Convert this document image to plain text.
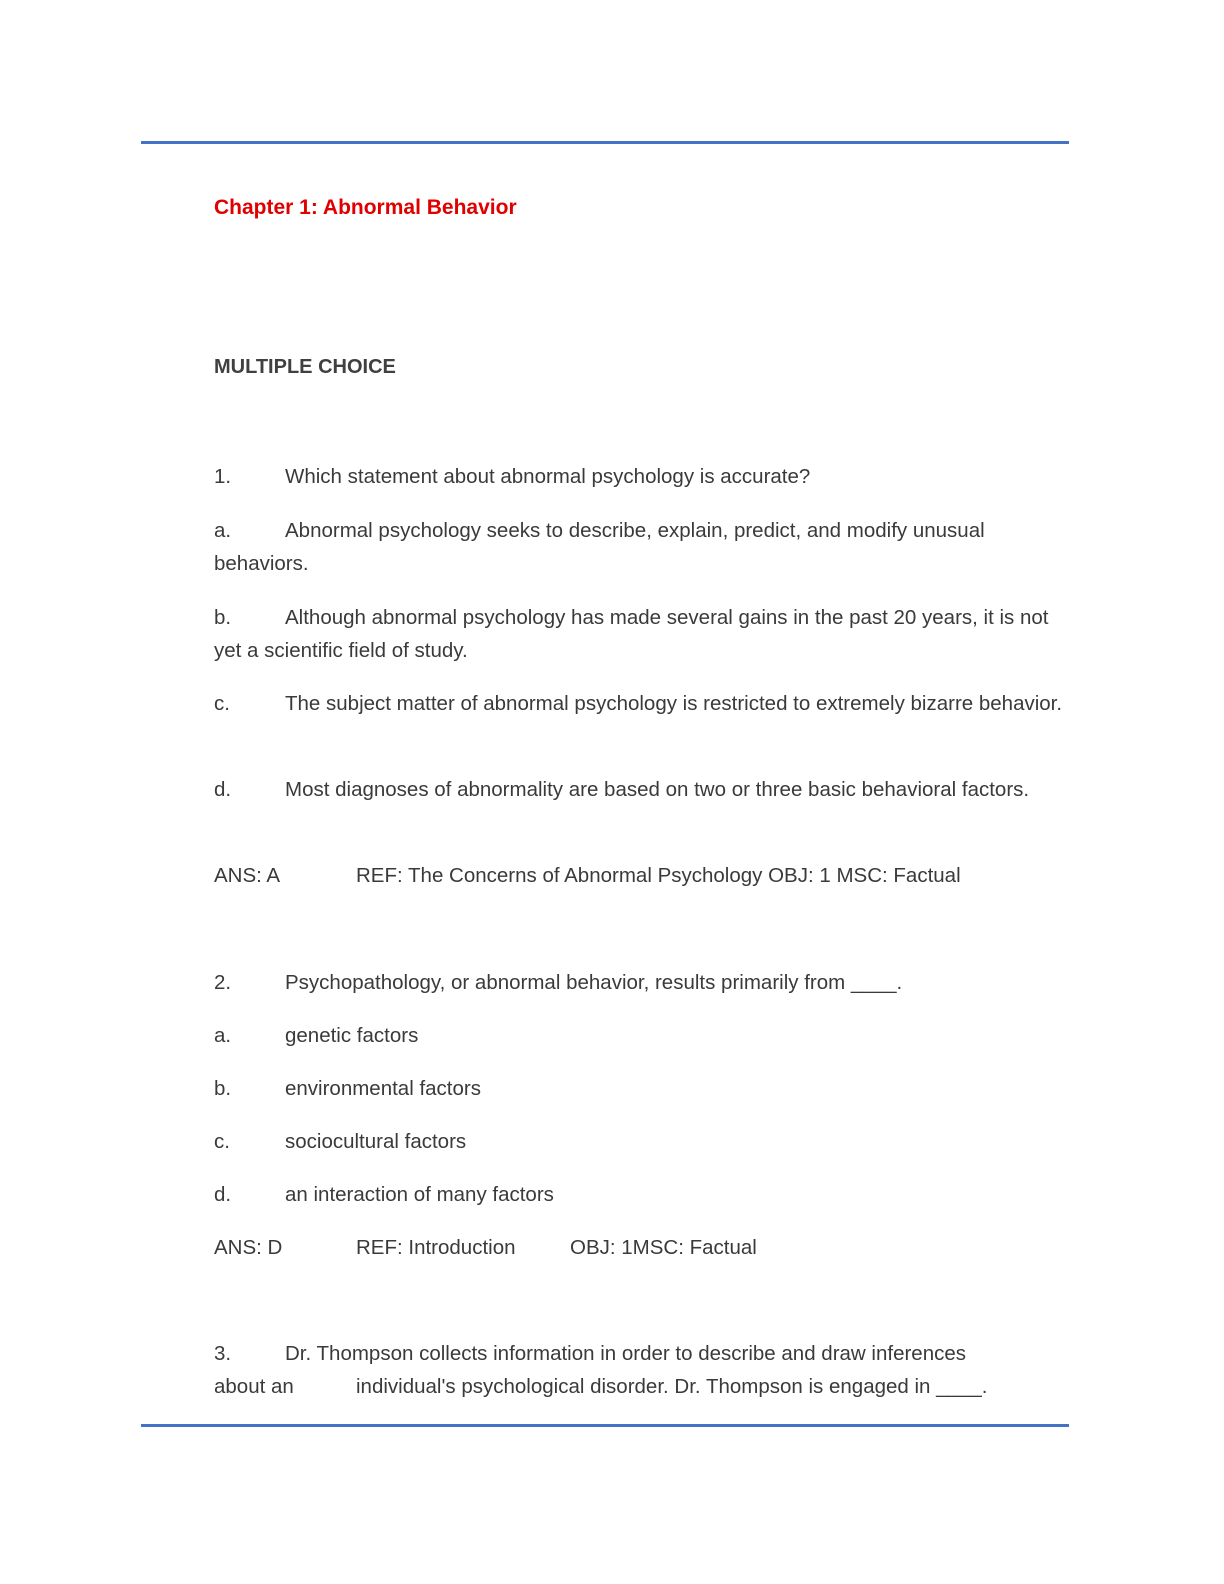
Chapter 1: Abnormal Behavior
MULTIPLE CHOICE
1.	Which statement about abnormal psychology is accurate?
a.	Abnormal psychology seeks to describe, explain, predict, and modify unusual behaviors.
b.	Although abnormal psychology has made several gains in the past 20 years, it is not yet a scientific field of study.
c.	The subject matter of abnormal psychology is restricted to extremely bizarre behavior.
d.	Most diagnoses of abnormality are based on two or three basic behavioral factors.
ANS: A	REF: The Concerns of Abnormal Psychology OBJ: 1 MSC: Factual
2.	Psychopathology, or abnormal behavior, results primarily from ____.
a.	genetic factors
b.	environmental factors
c.	sociocultural factors
d.	an interaction of many factors
ANS: D	REF: Introduction	OBJ: 1MSC: Factual
3.	Dr. Thompson collects information in order to describe and draw inferences
about an	individual's psychological disorder. Dr. Thompson is engaged in ____.
